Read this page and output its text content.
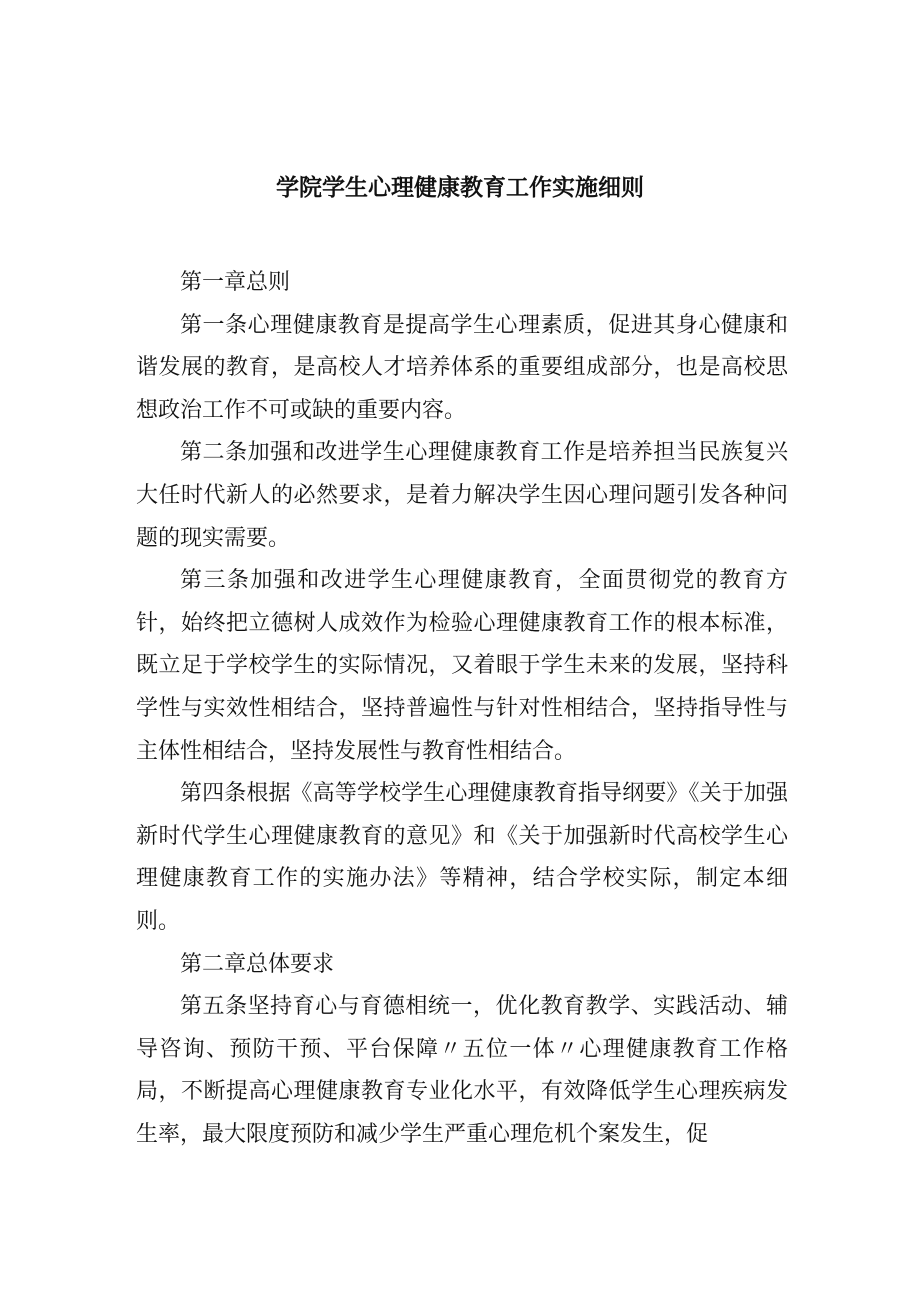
学院学生心理健康教育工作实施细则

第一章总则

第一条心理健康教育是提高学生心理素质，促进其身心健康和谐发展的教育，是高校人才培养体系的重要组成部分，也是高校思想政治工作不可或缺的重要内容。

第二条加强和改进学生心理健康教育工作是培养担当民族复兴大任时代新人的必然要求，是着力解决学生因心理问题引发各种问题的现实需要。

第三条加强和改进学生心理健康教育，全面贯彻党的教育方针，始终把立德树人成效作为检验心理健康教育工作的根本标准，既立足于学校学生的实际情况，又着眼于学生未来的发展，坚持科学性与实效性相结合，坚持普遍性与针对性相结合，坚持指导性与主体性相结合，坚持发展性与教育性相结合。

第四条根据《高等学校学生心理健康教育指导纲要》《关于加强新时代学生心理健康教育的意见》和《关于加强新时代高校学生心理健康教育工作的实施办法》等精神，结合学校实际，制定本细则。

第二章总体要求

第五条坚持育心与育德相统一，优化教育教学、实践活动、辅导咨询、预防干预、平台保障〃五位一体〃心理健康教育工作格局，不断提高心理健康教育专业化水平，有效降低学生心理疾病发生率，最大限度预防和减少学生严重心理危机个案发生，促
